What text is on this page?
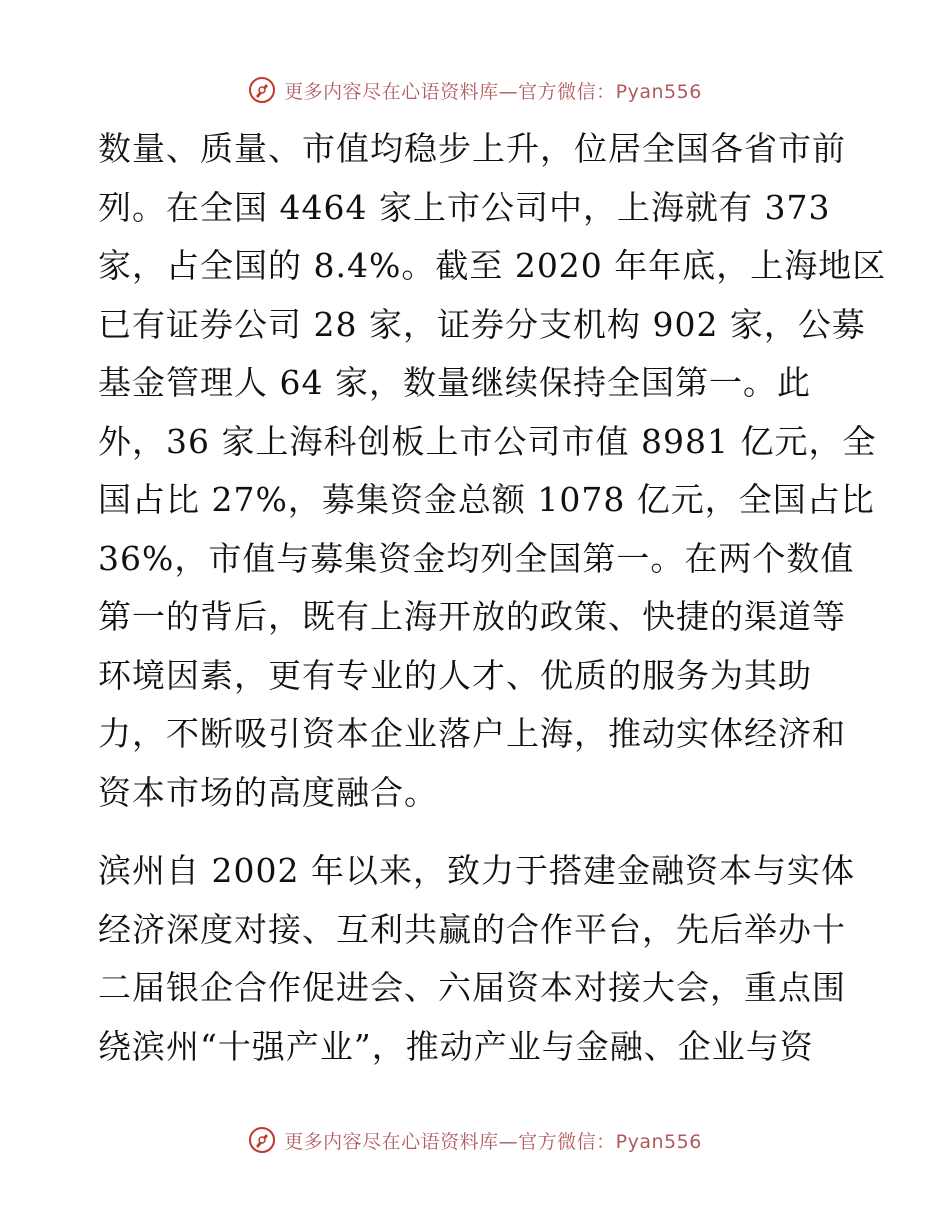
更多内容尽在心语资料库—官方微信：Pyan556
数量、质量、市值均稳步上升，位居全国各省市前
列。在全国 4464 家上市公司中，上海就有 373
家，占全国的 8.4%。截至 2020 年年底，上海地区
已有证券公司 28 家，证券分支机构 902 家，公募
基金管理人 64 家，数量继续保持全国第一。此
外，36 家上海科创板上市公司市值 8981 亿元，全
国占比 27%，募集资金总额 1078 亿元，全国占比
36%，市值与募集资金均列全国第一。在两个数值
第一的背后，既有上海开放的政策、快捷的渠道等
环境因素，更有专业的人才、优质的服务为其助
力，不断吸引资本企业落户上海，推动实体经济和
资本市场的高度融合。
滨州自 2002 年以来，致力于搭建金融资本与实体
经济深度对接、互利共赢的合作平台，先后举办十
二届银企合作促进会、六届资本对接大会，重点围
绕滨州“十强产业”，推动产业与金融、企业与资
更多内容尽在心语资料库—官方微信：Pyan556
